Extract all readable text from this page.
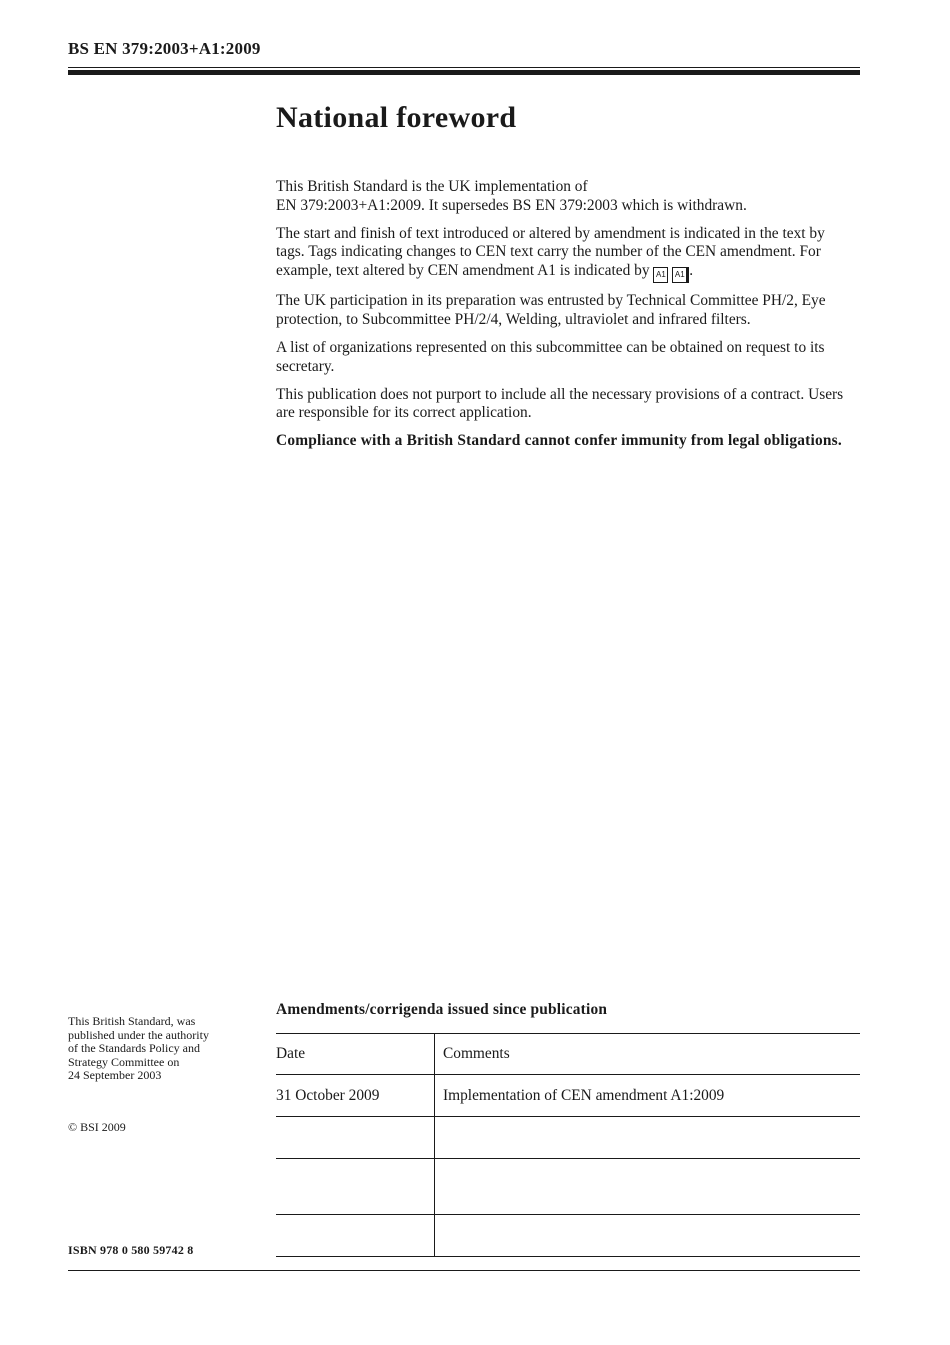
BS EN 379:2003+A1:2009
National foreword

This British Standard is the UK implementation of
EN 379:2003+A1:2009. It supersedes BS EN 379:2003 which is withdrawn.

The start and finish of text introduced or altered by amendment is indicated in the text by tags. Tags indicating changes to CEN text carry the number of the CEN amendment. For example, text altered by CEN amendment A1 is indicated by A1 A1 .

The UK participation in its preparation was entrusted by Technical Committee PH/2, Eye protection, to Subcommittee PH/2/4, Welding, ultraviolet and infrared filters.

A list of organizations represented on this subcommittee can be obtained on request to its secretary.

This publication does not purport to include all the necessary provisions of a contract. Users are responsible for its correct application.

Compliance with a British Standard cannot confer immunity from legal obligations.

This British Standard, was

published under the authority

of the Standards Policy and

Strategy Committee on

24 September 2003

© BSI 2009
ISBN 978 0 580 59742 8
Amendments/corrigenda issued since publication
Date	Comments
31 October 2009	Implementation of CEN amendment A1:2009
